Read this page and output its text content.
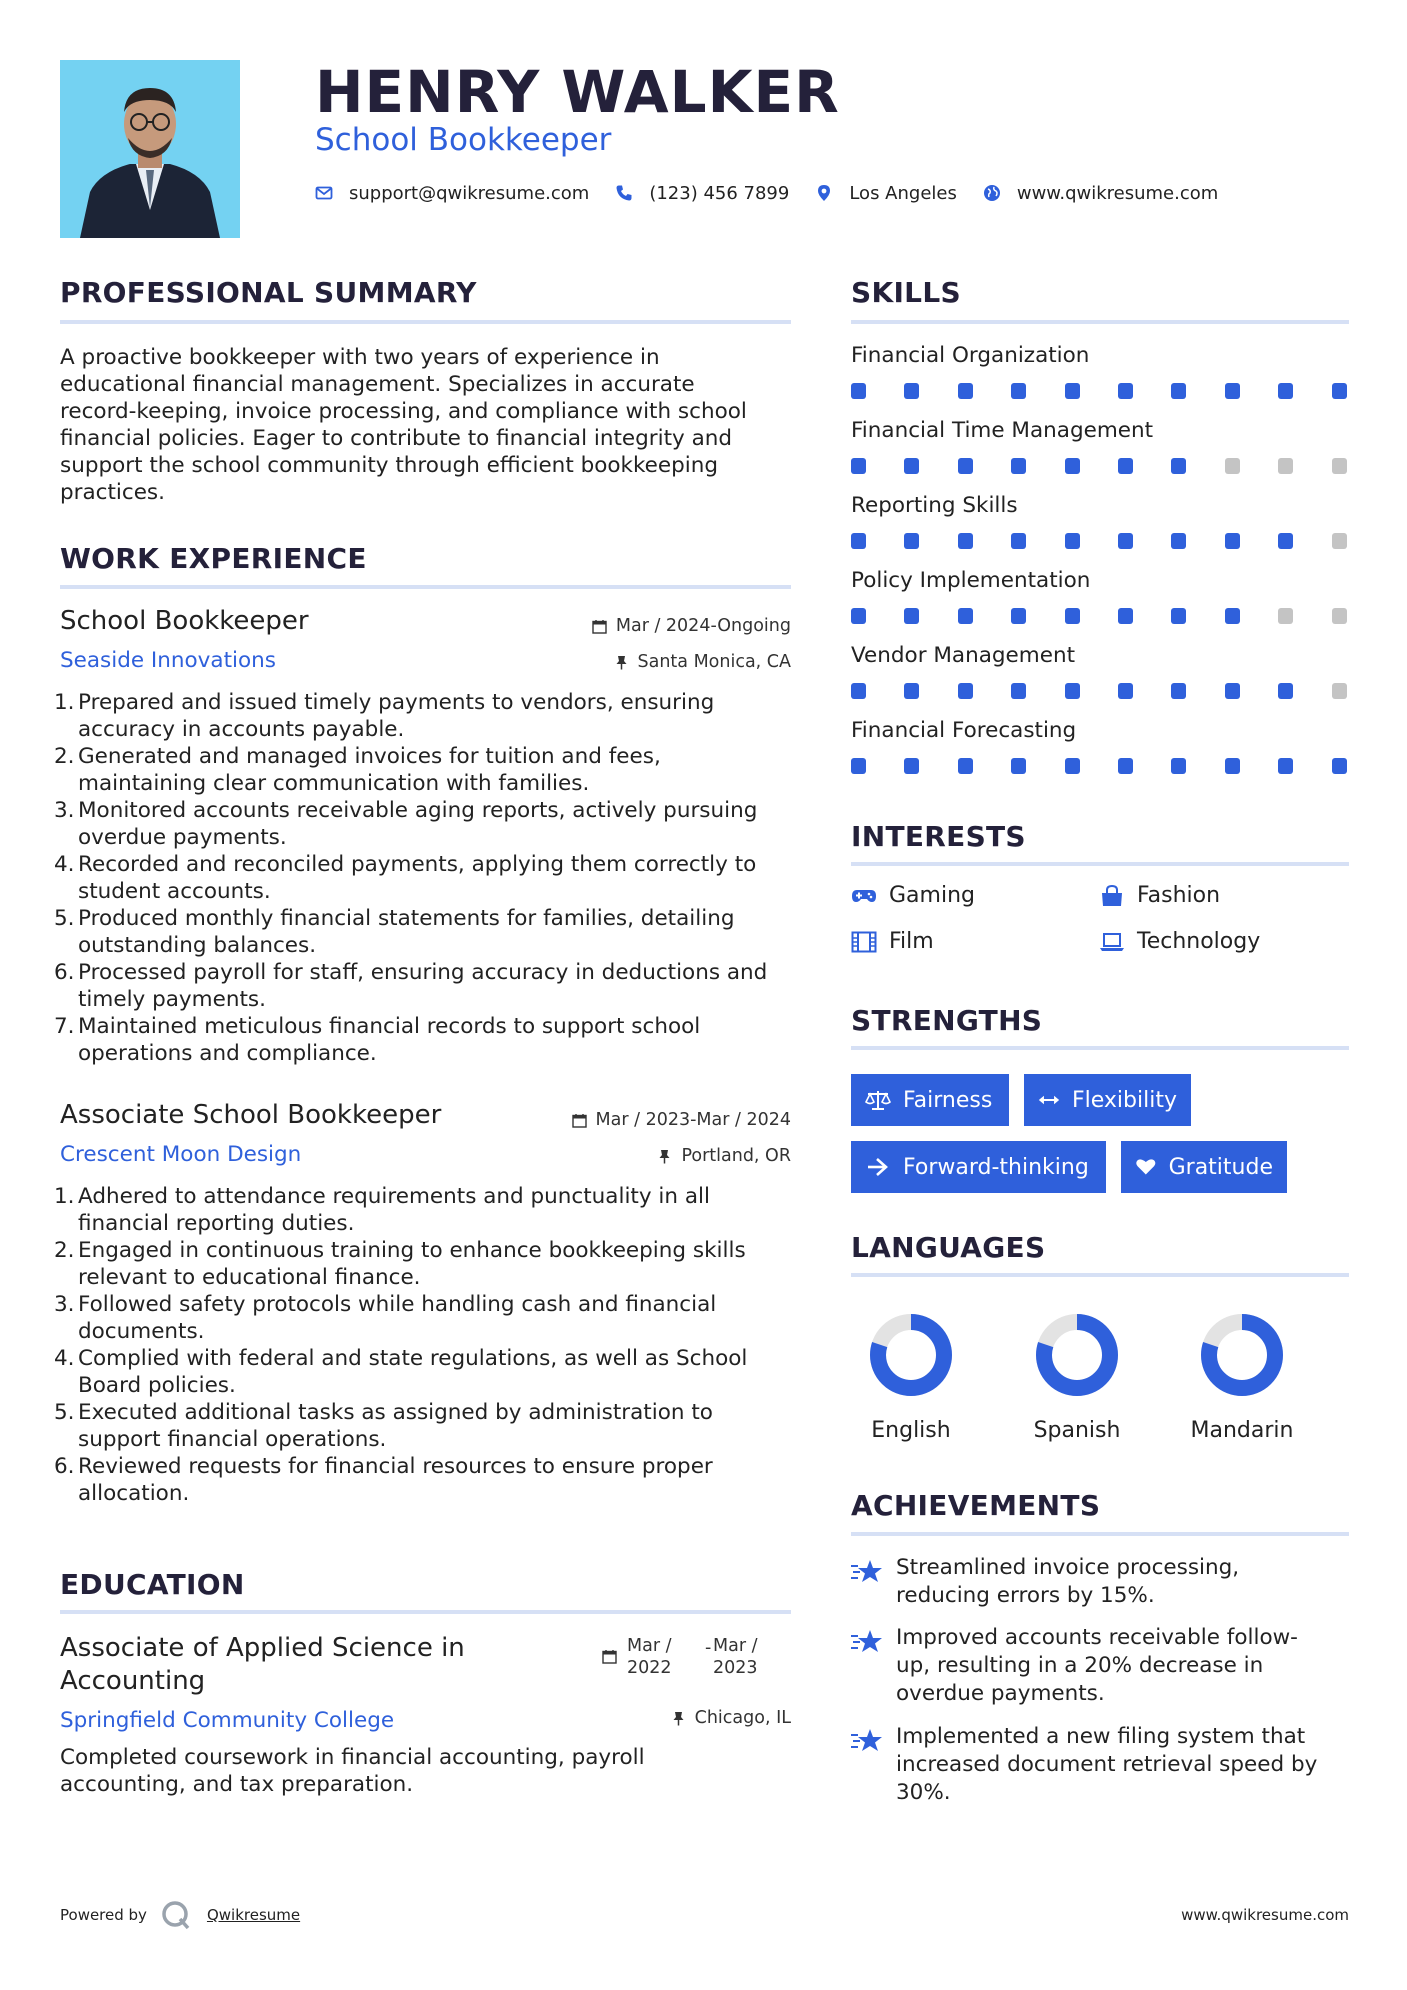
HENRY WALKER
School Bookkeeper
support@qwikresume.com	(123) 456 7899	Los Angeles	www.qwikresume.com
PROFESSIONAL SUMMARY
A proactive bookkeeper with two years of experience in
educational financial management. Specializes in accurate
record-keeping, invoice processing, and compliance with school
financial policies. Eager to contribute to financial integrity and
support the school community through efficient bookkeeping
practices.
WORK EXPERIENCE
School Bookkeeper	Mar / 2024-Ongoing
Seaside Innovations	Santa Monica, CA
1. Prepared and issued timely payments to vendors, ensuring
accuracy in accounts payable.
2. Generated and managed invoices for tuition and fees,
maintaining clear communication with families.
3. Monitored accounts receivable aging reports, actively pursuing
overdue payments.
4. Recorded and reconciled payments, applying them correctly to
student accounts.
5. Produced monthly financial statements for families, detailing
outstanding balances.
6. Processed payroll for staff, ensuring accuracy in deductions and
timely payments.
7. Maintained meticulous financial records to support school
operations and compliance.
Associate School Bookkeeper	Mar / 2023-Mar / 2024
Crescent Moon Design	Portland, OR
1. Adhered to attendance requirements and punctuality in all
financial reporting duties.
2. Engaged in continuous training to enhance bookkeeping skills
relevant to educational finance.
3. Followed safety protocols while handling cash and financial
documents.
4. Complied with federal and state regulations, as well as School
Board policies.
5. Executed additional tasks as assigned by administration to
support financial operations.
6. Reviewed requests for financial resources to ensure proper
allocation.
EDUCATION
Associate of Applied Science in
Accounting
Mar /
2022
- Mar /
2023
Springfield Community College	Chicago, IL
Completed coursework in financial accounting, payroll
accounting, and tax preparation.
SKILLS
Financial Organization
Financial Time Management
Reporting Skills
Policy Implementation
Vendor Management
Financial Forecasting
INTERESTS
Gaming	Fashion
Film	Technology
STRENGTHS
Fairness	Flexibility
Forward-thinking	Gratitude
LANGUAGES
English	Spanish	Mandarin
ACHIEVEMENTS
Streamlined invoice processing,
reducing errors by 15%.
Improved accounts receivable follow-
up, resulting in a 20% decrease in
overdue payments.
Implemented a new filing system that
increased document retrieval speed by
30%.
Powered by	Qwikresume	www.qwikresume.com
